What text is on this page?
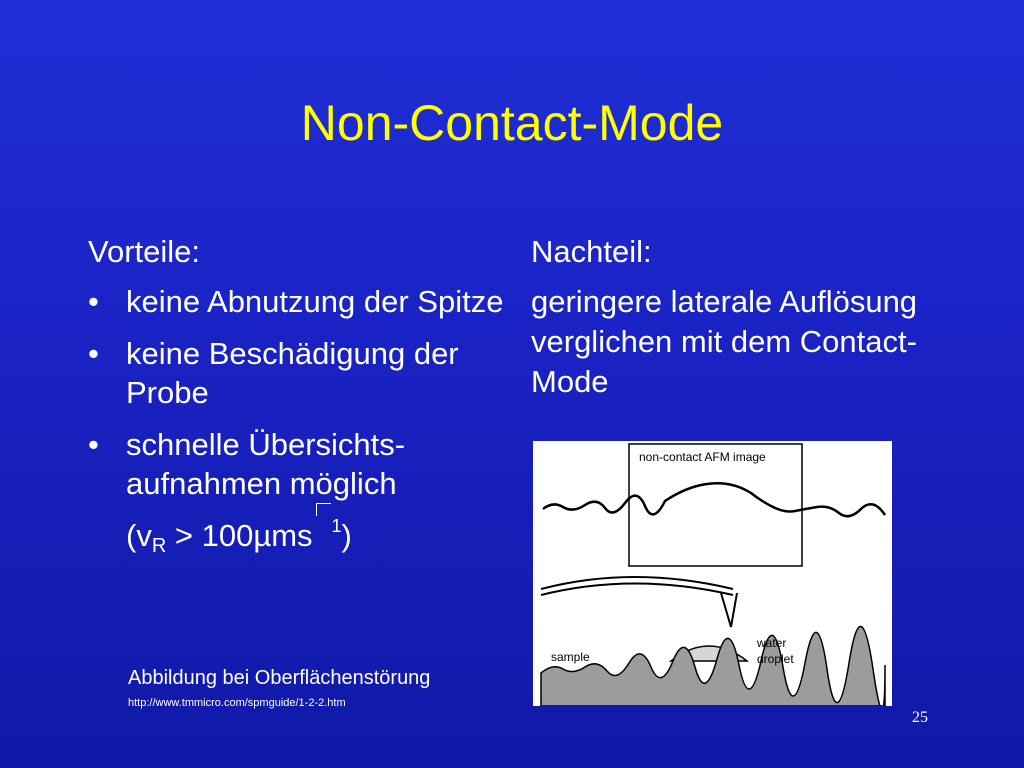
Non-Contact-Mode
Vorteile:
• keine Abnutzung der Spitze
• keine Beschädigung der Probe
• schnelle Übersichts-aufnahmen möglich
($v_R > 100\mu ms$ $^1$)
Nachteil:
geringere laterale Auflösung verglichen mit dem Contact-Mode
non-contact AFM image
sample
water
droplet
Abbildung bei Oberflächenstörung
http://www.tmmicro.com/spmguide/1-2-2.htm
25
